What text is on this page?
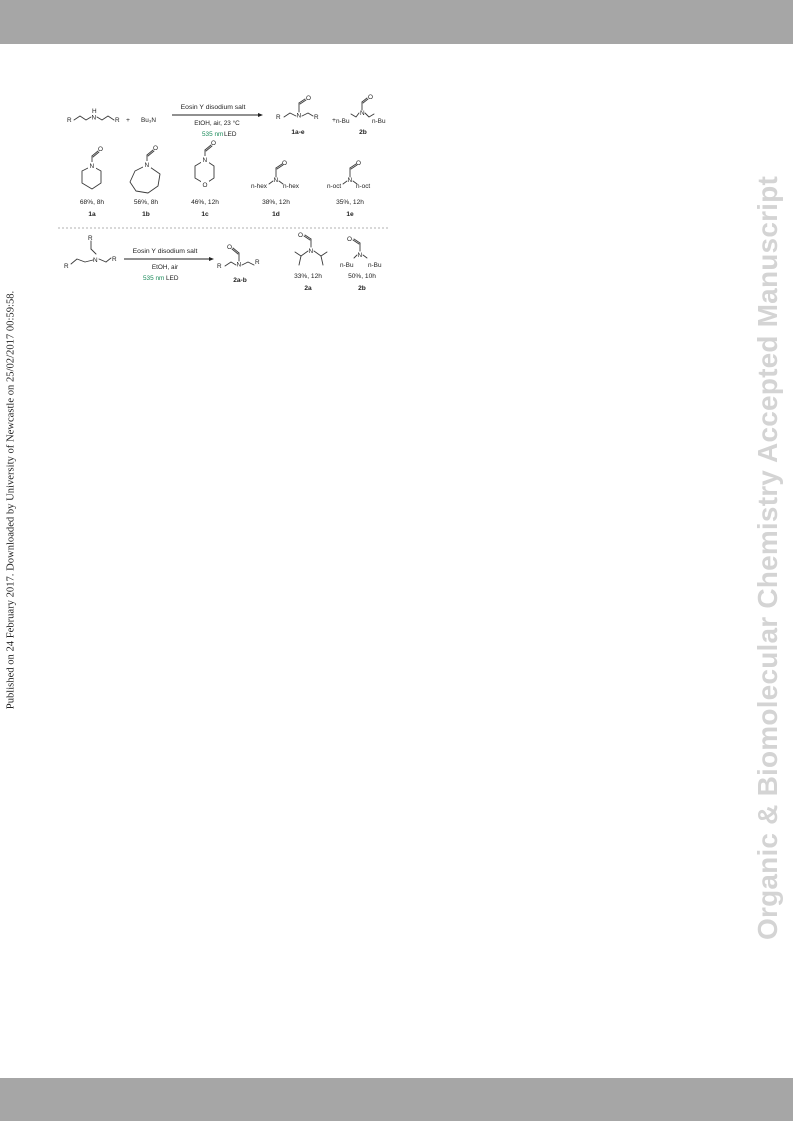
Published on 24 February 2017. Downloaded by University of Newcastle on 25/02/2017 00:59:58.	Organic & Biomolecular Chemistry Accepted Manuscript
R	N
H
R + Bu₃N
Eosin Y disodium salt
EtOH, air, 23 °C
535 nm LED
R N
O
R
1a-e
+ n-Bu
N
O
n-Bu
2b
N
O
68%, 8h
1a
N
O
56%, 8h
1b
N
O
O
46%, 12h
1c
n-hex
N
O
n-hex
38%, 12h
1d
n-oct
N
O
n-oct
35%, 12h
1e
R
R
N R
Eosin Y disodium salt
EtOH, air
535 nm LED
R N
O
R
2a-b
N
O
33%, 12h
2a
n-Bu
N
O
n-Bu
50%, 10h
2b
